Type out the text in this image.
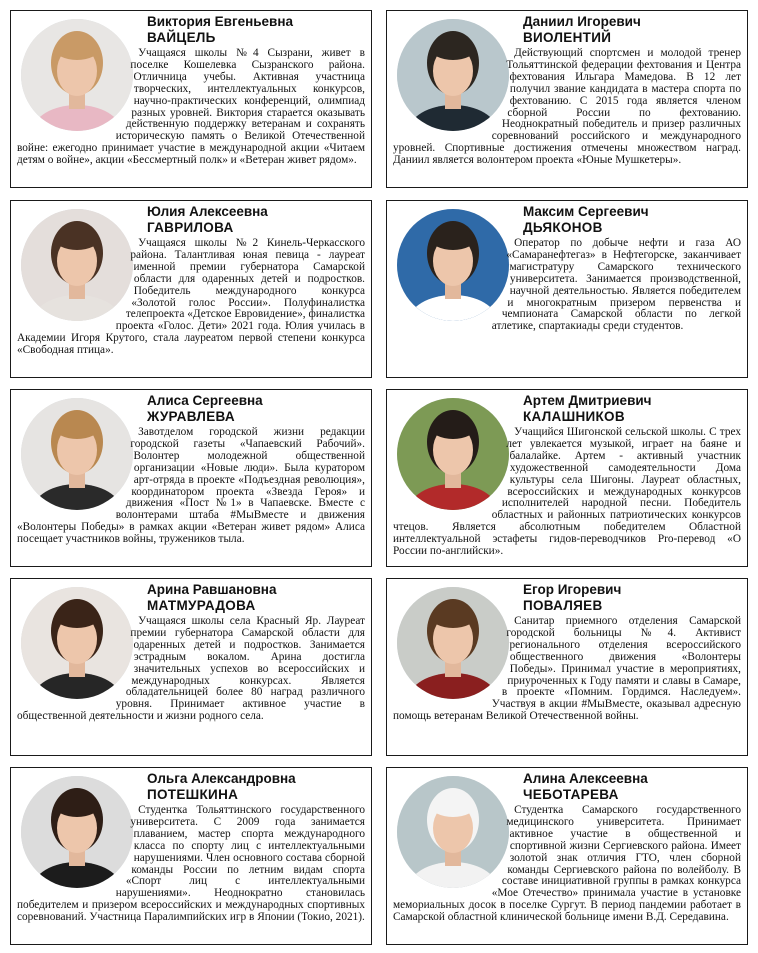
Виктория Евгеньевна
ВАЙЦЕЛЬ

Учащаяся школы №4 Сызрани, живет в поселке Кошелевка Сызранского района. Отличница учебы. Активная участница творческих, интеллектуальных конкурсов, научно-практических конференций, олимпиад разных уровней. Виктория старается оказывать действенную поддержку ветеранам и сохранять историческую память о Великой Отечественной войне: ежегодно принимает участие в международной акции «Читаем детям о войне», акции «Бессмертный полк» и «Ветеран живет рядом».

Даниил Игоревич
ВИОЛЕНТИЙ

Действующий спортсмен и молодой тренер Тольяттинской федерации фехтования и Центра фехтования Ильгара Мамедова. В 12 лет получил звание кандидата в мастера спорта по фехтованию. С 2015 года является членом сборной России по фехтованию. Неоднократный победитель и призер различных соревнований российского и международного уровней. Спортивные достижения отмечены множеством наград. Даниил является волонтером проекта «Юные Мушкетеры».

Юлия Алексеевна
ГАВРИЛОВА

Учащаяся школы №2 Кинель-Черкасского района. Талантливая юная певица - лауреат именной премии губернатора Самарской области для одаренных детей и подростков. Победитель международного конкурса «Золотой голос России». Полуфиналистка телепроекта «Детское Евровидение», финалистка проекта «Голос. Дети» 2021 года. Юлия училась в Академии Игоря Крутого, стала лауреатом первой степени конкурса «Свободная птица».

Максим Сергеевич
ДЬЯКОНОВ

Оператор по добыче нефти и газа АО «Самаранефтегаз» в Нефтегорске, заканчивает магистратуру Самарского технического университета. Занимается производственной, научной деятельностью. Является победителем и многократным призером первенства и чемпионата Самарской области по легкой атлетике, спартакиады среди студентов.

Алиса Сергеевна
ЖУРАВЛЕВА

Завотделом городской жизни редакции городской газеты «Чапаевский Рабочий». Волонтер молодежной общественной организации «Новые люди». Была куратором арт-отряда в проекте «Подъездная революция», координатором проекта «Звезда Героя» и движения «Пост №1» в Чапаевске. Вместе с волонтерами штаба #МыВместе и движения «Волонтеры Победы» в рамках акции «Ветеран живет рядом» Алиса посещает участников войны, тружеников тыла.

Артем Дмитриевич
КАЛАШНИКОВ

Учащийся Шигонской сельской школы. С трех лет увлекается музыкой, играет на баяне и балалайке. Артем - активный участник художественной самодеятельности Дома культуры села Шигоны. Лауреат областных, всероссийских и международных конкурсов исполнителей народной песни. Победитель областных и районных патриотических конкурсов чтецов. Является абсолютным победителем Областной интеллектуальной эстафеты гидов-переводчиков Pro-перевод «О России по-английски».

Арина Равшановна
МАТМУРАДОВА

Учащаяся школы села Красный Яр. Лауреат премии губернатора Самарской области для одаренных детей и подростков. Занимается эстрадным вокалом. Арина достигла значительных успехов во всероссийских и международных конкурсах. Является обладательницей более 80 наград различного уровня. Принимает активное участие в общественной деятельности и жизни родного села.

Егор Игоревич
ПОВАЛЯЕВ

Санитар приемного отделения Самарской городской больницы №4. Активист регионального отделения всероссийского общественного движения «Волонтеры Победы». Принимал участие в мероприятиях, приуроченных к Году памяти и славы в Самаре, в проекте «Помним. Гордимся. Наследуем». Участвуя в акции #МыВместе, оказывал адресную помощь ветеранам Великой Отечественной войны.

Ольга Александровна
ПОТЕШКИНА

Студентка Тольяттинского государственного университета. С 2009 года занимается плаванием, мастер спорта международного класса по спорту лиц с интеллектуальными нарушениями. Член основного состава сборной команды России по летним видам спорта «Спорт лиц с интеллектуальными нарушениями». Неоднократно становилась победителем и призером всероссийских и международных спортивных соревнований. Участница Паралимпийских игр в Японии (Токио, 2021).

Алина Алексеевна
ЧЕБОТАРЕВА

Студентка Самарского государственного медицинского университета. Принимает активное участие в общественной и спортивной жизни Сергиевского района. Имеет золотой знак отличия ГТО, член сборной команды Сергиевского района по волейболу. В составе инициативной группы в рамках конкурса «Мое Отечество» принимала участие в установке мемориальных досок в поселке Сургут. В период пандемии работает в Самарской областной клинической больнице имени В.Д. Середавина.
